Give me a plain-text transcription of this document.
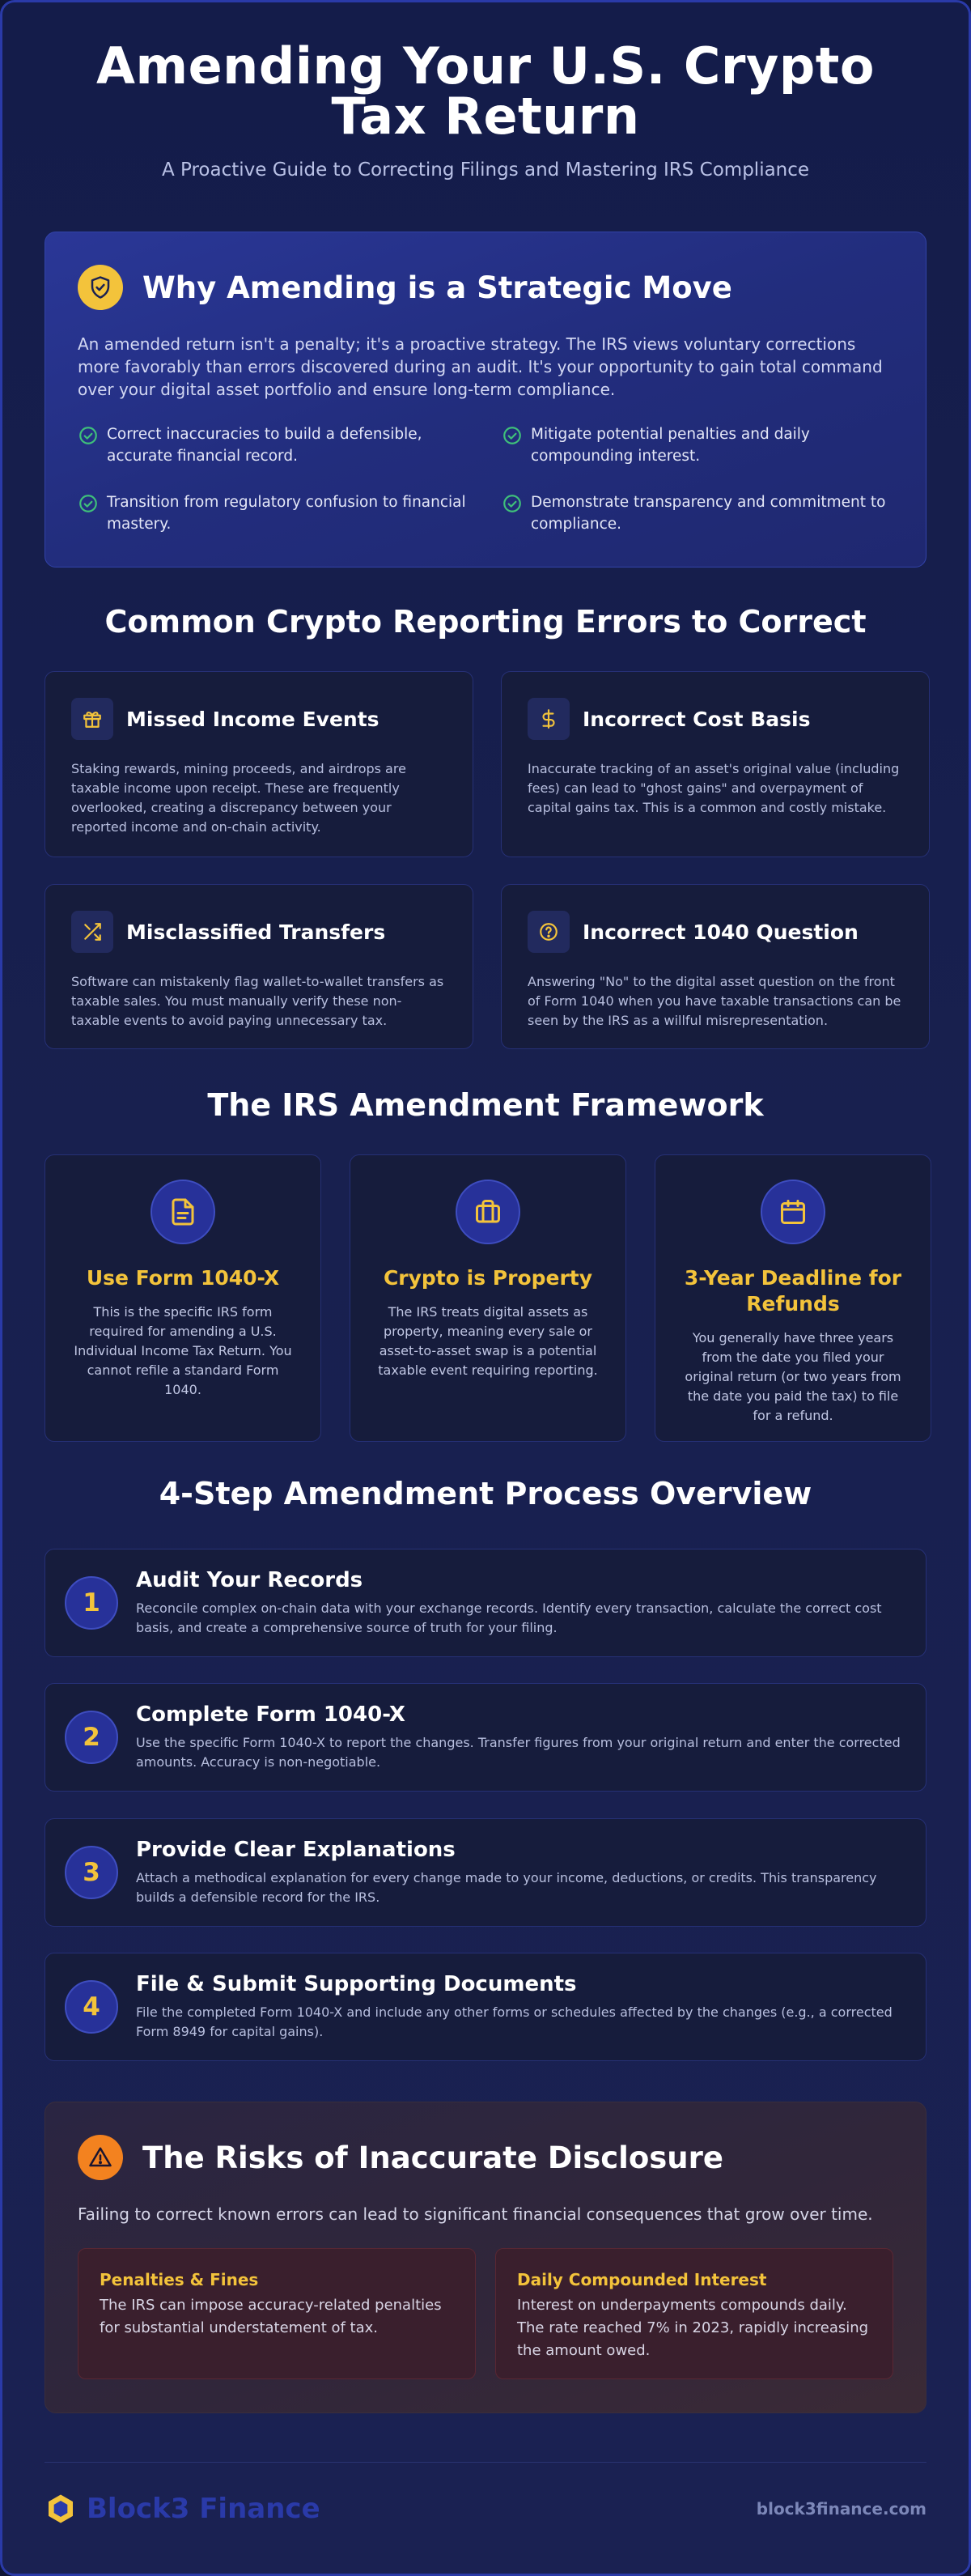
Amending Your U.S. Crypto Tax Return
A Proactive Guide to Correcting Filings and Mastering IRS Compliance
Why Amending is a Strategic Move

An amended return isn't a penalty; it's a proactive strategy. The IRS views voluntary corrections more favorably than errors discovered during an audit. It's your opportunity to gain total command over your digital asset portfolio and ensure long-term compliance.

Correct inaccuracies to build a defensible, accurate financial record.
Mitigate potential penalties and daily compounding interest.
Transition from regulatory confusion to financial mastery.
Demonstrate transparency and commitment to compliance.
Common Crypto Reporting Errors to Correct
Missed Income Events

Staking rewards, mining proceeds, and airdrops are taxable income upon receipt. These are frequently overlooked, creating a discrepancy between your reported income and on-chain activity.

Incorrect Cost Basis

Inaccurate tracking of an asset's original value (including fees) can lead to "ghost gains" and overpayment of capital gains tax. This is a common and costly mistake.

Misclassified Transfers

Software can mistakenly flag wallet-to-wallet transfers as taxable sales. You must manually verify these non-taxable events to avoid paying unnecessary tax.

Incorrect 1040 Question

Answering "No" to the digital asset question on the front of Form 1040 when you have taxable transactions can be seen by the IRS as a willful misrepresentation.

The IRS Amendment Framework
Use Form 1040-X

This is the specific IRS form required for amending a U.S. Individual Income Tax Return. You cannot refile a standard Form 1040.

Crypto is Property

The IRS treats digital assets as property, meaning every sale or asset-to-asset swap is a potential taxable event requiring reporting.

3-Year Deadline for Refunds

You generally have three years from the date you filed your original return (or two years from the date you paid the tax) to file for a refund.

4-Step Amendment Process Overview
1
Audit Your Records

Reconcile complex on-chain data with your exchange records. Identify every transaction, calculate the correct cost basis, and create a comprehensive source of truth for your filing.

2
Complete Form 1040-X

Use the specific Form 1040-X to report the changes. Transfer figures from your original return and enter the corrected amounts. Accuracy is non-negotiable.

3
Provide Clear Explanations

Attach a methodical explanation for every change made to your income, deductions, or credits. This transparency builds a defensible record for the IRS.

4
File & Submit Supporting Documents

File the completed Form 1040-X and include any other forms or schedules affected by the changes (e.g., a corrected Form 8949 for capital gains).

The Risks of Inaccurate Disclosure

Failing to correct known errors can lead to significant financial consequences that grow over time.

Penalties & Fines

The IRS can impose accuracy-related penalties for substantial understatement of tax.

Daily Compounded Interest

Interest on underpayments compounds daily. The rate reached 7% in 2023, rapidly increasing the amount owed.

Block3 Finance	block3finance.com
